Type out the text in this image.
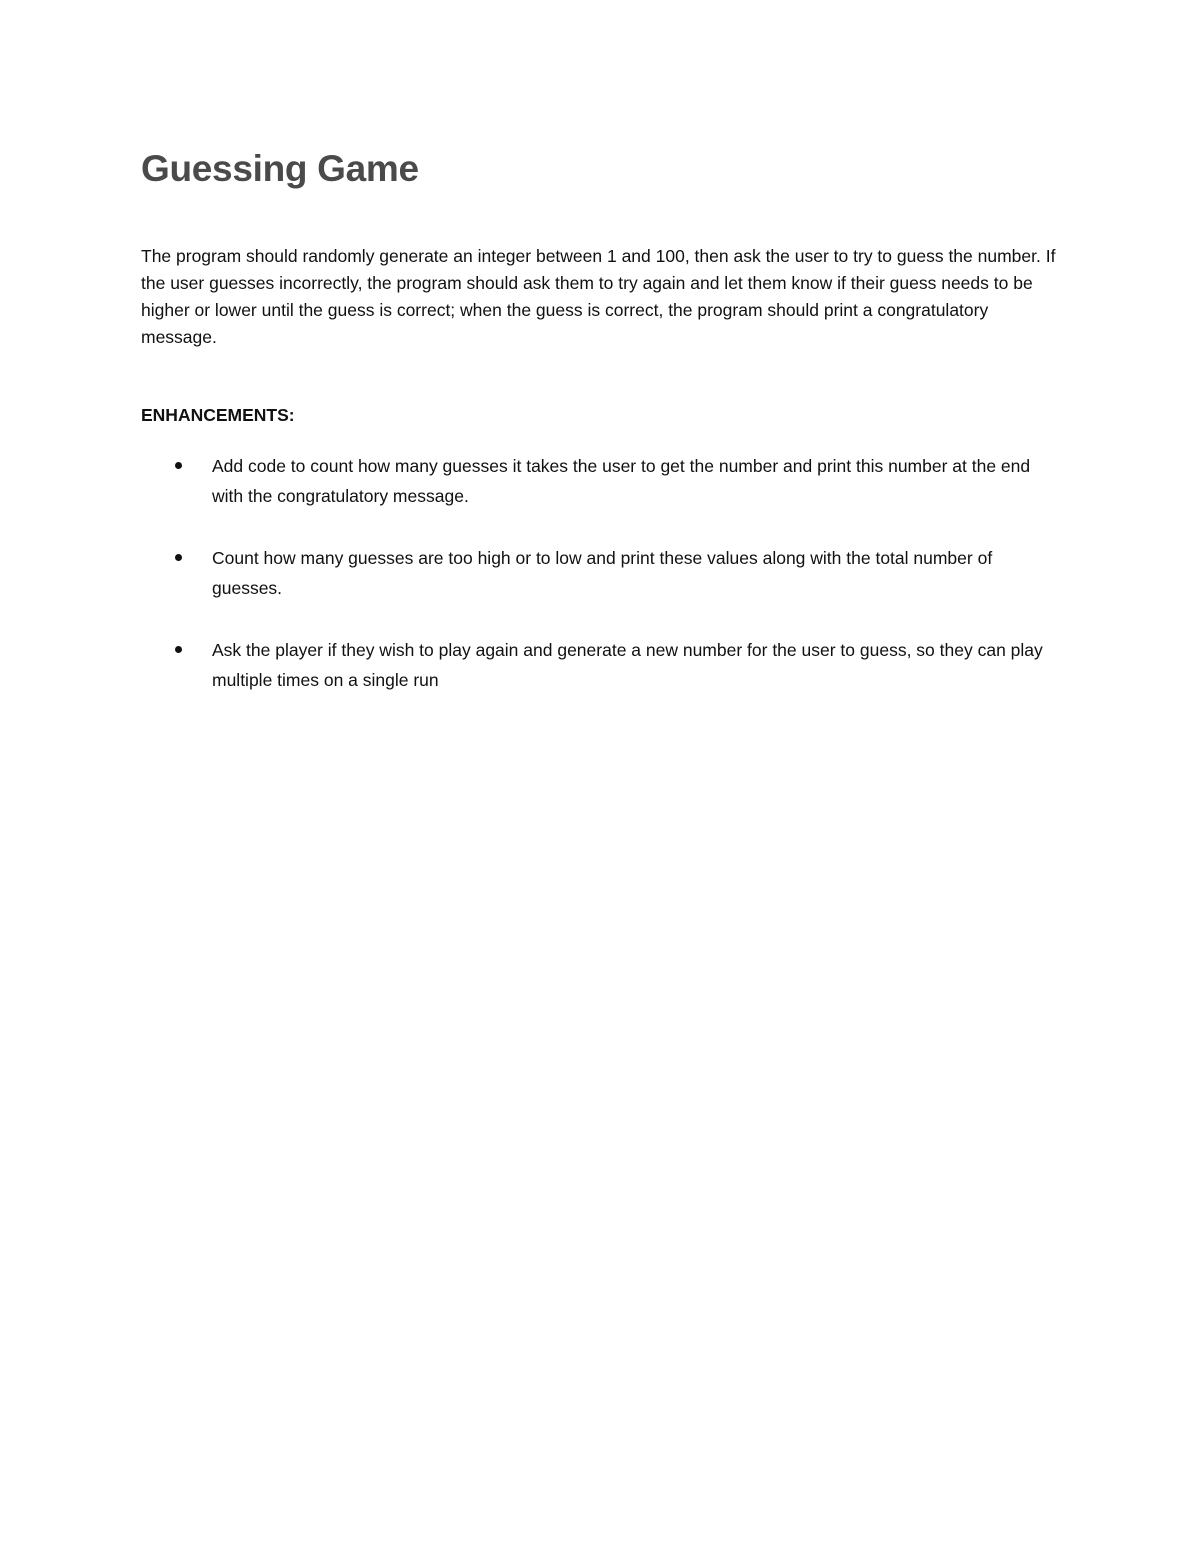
Guessing Game

The program should randomly generate an integer between 1 and 100, then ask the user to try to guess the number. If the user guesses incorrectly, the program should ask them to try again and let them know if their guess needs to be higher or lower until the guess is correct; when the guess is correct, the program should print a congratulatory message.

ENHANCEMENTS:
Add code to count how many guesses it takes the user to get the number and print this number at the end with the congratulatory message.
Count how many guesses are too high or to low and print these values along with the total number of guesses.
Ask the player if they wish to play again and generate a new number for the user to guess, so they can play multiple times on a single run
